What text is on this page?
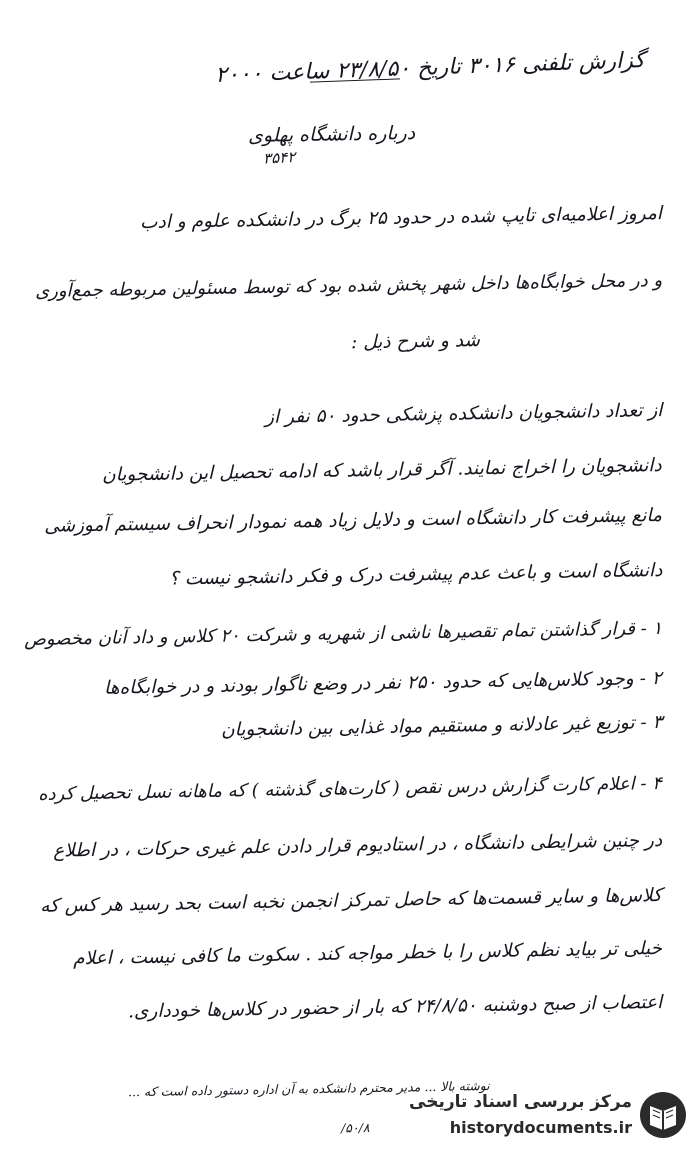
گزارش تلفنی ۳۰۱۶ تاریخ ۲۳/۸/۵۰ ساعت ۲۰۰۰
درباره دانشگاه پهلوی
۳۵۴۲
امروز اعلامیه‌ای تایپ شده در حدود ۲۵ برگ در دانشکده علوم و ادب
و در محل خوابگاه‌ها داخل شهر پخش شده بود که توسط مسئولین مربوطه جمع‌آوری
شد و شرح ذیل :
از تعداد دانشجویان دانشکده پزشکی حدود ۵۰ نفر از
دانشجویان را اخراج نمایند. آگر قرار باشد که ادامه تحصیل این دانشجویان
مانع پیشرفت کار دانشگاه است و دلایل زیاد همه نمودار انحراف سیستم آموزشی
دانشگاه است و باعث عدم پیشرفت درک و فکر دانشجو نیست ؟
۱ - قرار گذاشتن تمام تقصیرها ناشی از شهریه و شرکت ۲۰ کلاس و داد آنان مخصوص
۲ - وجود کلاس‌هایی که حدود ۲۵۰ نفر در وضع ناگوار بودند و در خوابگاه‌ها
۳ - توزیع غیر عادلانه و مستقیم مواد غذایی بین دانشجویان
۴ - اعلام کارت گزارش درس نقص ( کارت‌های گذشته ) که ماهانه نسل تحصیل کرده
در چنین شرایطی دانشگاه ، در استادیوم قرار دادن علم غیری حرکات ، در اطلاع
کلاس‌ها و سایر قسمت‌ها که حاصل تمرکز انجمن نخبه است بحد رسید هر کس که
خیلی تر بیاید نظم کلاس را با خطر مواجه کند . سکوت ما کافی نیست ، اعلام
اعتصاب از صبح دوشنبه ۲۴/۸/۵۰ که بار از حضور در کلاس‌ها خودداری.
نوشته بالا ... مدیر محترم دانشکده به آن اداره دستور داده است که ...
۵۰/۸/
مرکز بررسی اسناد تاریخی
historydocuments.ir
